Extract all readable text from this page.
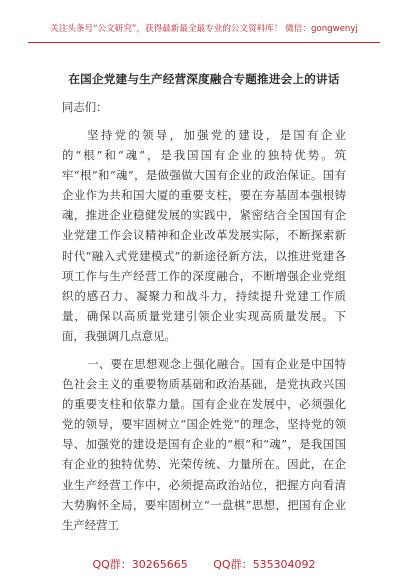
关注头条号“公文研究”，获得最新最全最专业的公文资料库！ 微信：gongwenyj
在国企党建与生产经营深度融合专题推进会上的讲话
同志们：
坚持党的领导，加强党的建设，是国有企业的“根”和“魂”，是我国国有企业的独特优势。筑牢“根”和“魂”，是做强做大国有企业的政治保证。国有企业作为共和国大厦的重要支柱，要在夯基固本强根铸魂，推进企业稳健发展的实践中，紧密结合全国国有企业党建工作会议精神和企业改革发展实际，不断探索新时代“融入式党建模式”的新途径新方法，以推进党建各项工作与生产经营工作的深度融合，不断增强企业党组织的感召力、凝聚力和战斗力，持续提升党建工作质量，确保以高质量党建引领企业实现高质量发展。下面，我强调几点意见。
一、要在思想观念上强化融合。国有企业是中国特色社会主义的重要物质基础和政治基础，是党执政兴国的重要支柱和依靠力量。国有企业在发展中，必须强化党的领导，要牢固树立“国企姓党”的理念，坚持党的领导、加强党的建设是国有企业的“根”和“魂”，是我国国有企业的独特优势、光荣传统、力量所在。因此，在企业生产经营工作中，必须提高政治站位，把握方向看清大势胸怀全局，要牢固树立“一盘棋”思想，把国有企业生产经营工
QQ群：30265665 QQ群：535304092
